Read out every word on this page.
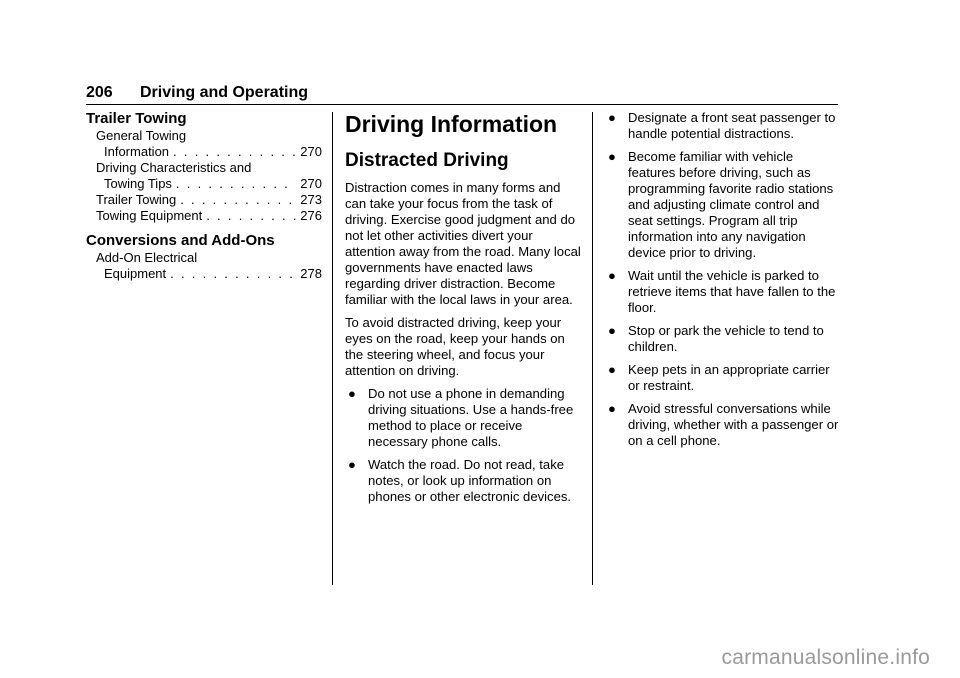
206 Driving and Operating
Trailer Towing
General Towing
Information . . .	270
Driving Characteristics and
Towing Tips . . .	270
Trailer Towing . . .	273
Towing Equipment . . .	276
Conversions and Add-Ons
Add-On Electrical
Equipment . . .	278
Driving Information
Distracted Driving

Distraction comes in many forms and can take your focus from the task of driving. Exercise good judgment and do not let other activities divert your attention away from the road. Many local governments have enacted laws regarding driver distraction. Become familiar with the local laws in your area.

To avoid distracted driving, keep your eyes on the road, keep your hands on the steering wheel, and focus your attention on driving.

● Do not use a phone in demanding driving situations. Use a hands-free method to place or receive necessary phone calls.
● Watch the road. Do not read, take notes, or look up information on phones or other electronic devices.
● Designate a front seat passenger to handle potential distractions.
● Become familiar with vehicle features before driving, such as programming favorite radio stations and adjusting climate control and seat settings. Program all trip information into any navigation device prior to driving.
● Wait until the vehicle is parked to retrieve items that have fallen to the floor.
● Stop or park the vehicle to tend to children.
● Keep pets in an appropriate carrier or restraint.
● Avoid stressful conversations while driving, whether with a passenger or on a cell phone.
carmanualsonline.info
